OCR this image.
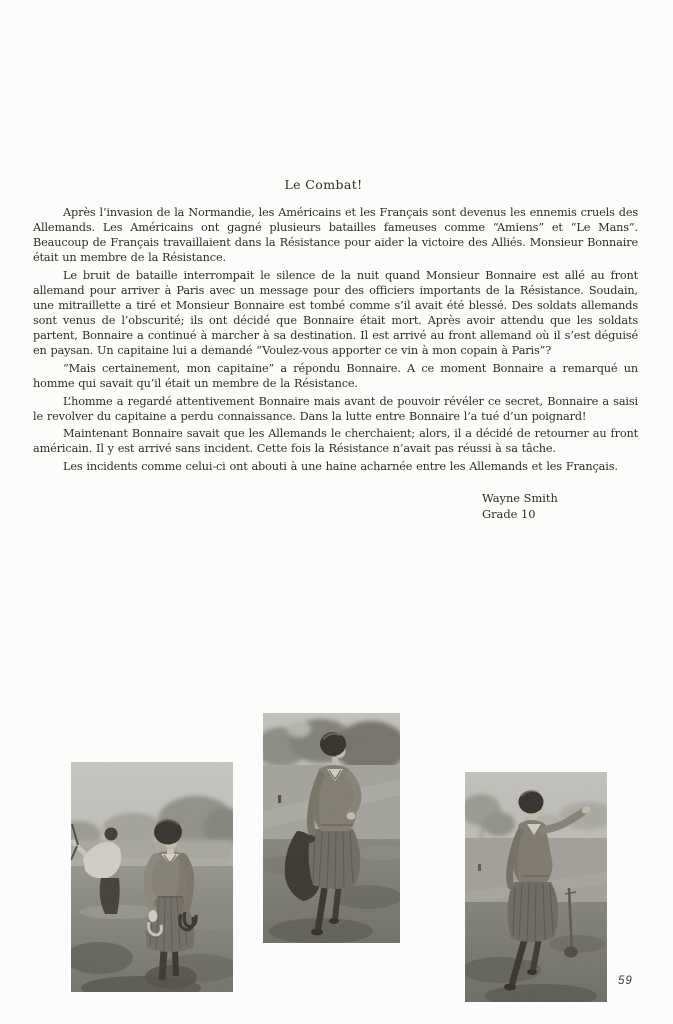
Le Combat!

Après l’invasion de la Normandie, les Américains et les Français sont devenus les ennemis cruels des Allemands. Les Américains ont gagné plusieurs batailles fameuses comme “Amiens” et “Le Mans”. Beaucoup de Français travaillaient dans la Résistance pour aider la victoire des Alliés. Monsieur Bonnaire était un membre de la Résistance.

Le bruit de bataille interrompait le silence de la nuit quand Monsieur Bonnaire est allé au front allemand pour arriver à Paris avec un message pour des officiers importants de la Résistance. Soudain, une mitraillette a tiré et Monsieur Bonnaire est tombé comme s’il avait été blessé. Des soldats allemands sont venus de l’obscurité; ils ont décidé que Bonnaire était mort. Après avoir attendu que les soldats partent, Bonnaire a continué à marcher à sa destination. Il est arrivé au front allemand où il s’est déguisé en paysan. Un capitaine lui a demandé “Voulez-vous apporter ce vin à mon copain à Paris”?

“Mais certainement, mon capitaine” a répondu Bonnaire. A ce moment Bonnaire a remarqué un homme qui savait qu’il était un membre de la Résistance.

L’homme a regardé attentivement Bonnaire mais avant de pouvoir révéler ce secret, Bonnaire a saisi le revolver du capitaine a perdu connaissance. Dans la lutte entre Bonnaire l’a tué d’un poignard!

Maintenant Bonnaire savait que les Allemands le cherchaient; alors, il a décidé de retourner au front américain. Il y est arrivé sans incident. Cette fois la Résistance n’avait pas réussi à sa tâche.

Les incidents comme celui-ci ont abouti à une haine acharnée entre les Allemands et les Français.

Wayne Smith
Grade 10
59
